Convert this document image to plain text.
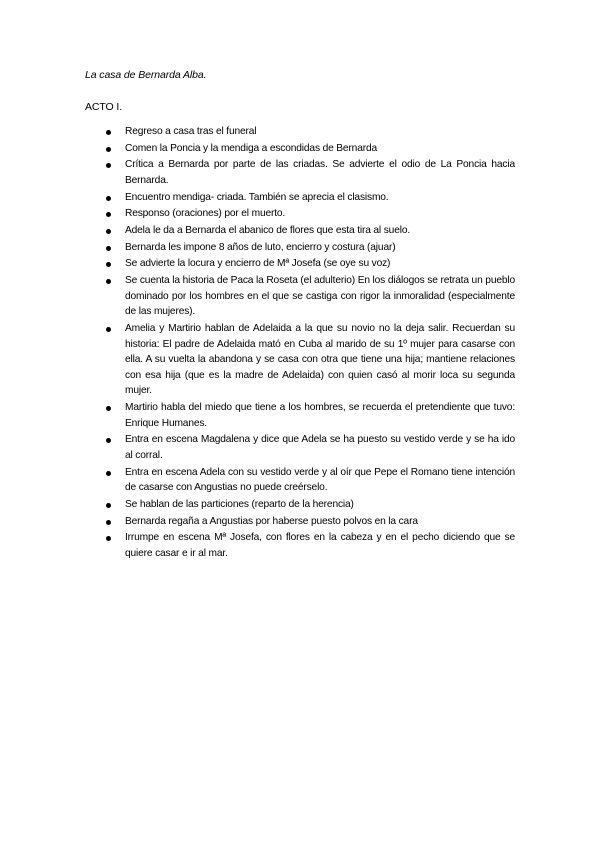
La casa de Bernarda Alba.

ACTO I.

Regreso a casa tras el funeral
Comen la Poncia y la mendiga a escondidas de Bernarda
Crítica a Bernarda por parte de las criadas. Se advierte el odio de La Poncia hacia Bernarda.
Encuentro mendiga- criada. También se aprecia el clasismo.
Responso (oraciones) por el muerto.
Adela le da a Bernarda el abanico de flores que esta tira al suelo.
Bernarda les impone 8 años de luto, encierro y costura (ajuar)
Se advierte la locura y encierro de Mª Josefa (se oye su voz)
Se cuenta la historia de Paca la Roseta (el adulterio) En los diálogos se retrata un pueblo dominado por los hombres en el que se castiga con rigor la inmoralidad (especialmente de las mujeres).
Amelia y Martirio hablan de Adelaida a la que su novio no la deja salir. Recuerdan su historia: El padre de Adelaida mató en Cuba al marido de su 1º mujer para casarse con ella. A su vuelta la abandona y se casa con otra que tiene una hija; mantiene relaciones con esa hija (que es la madre de Adelaida) con quien casó al morir loca su segunda mujer.
Martirio habla del miedo que tiene a los hombres, se recuerda el pretendiente que tuvo: Enrique Humanes.
Entra en escena Magdalena y dice que Adela se ha puesto su vestido verde y se ha ido al corral.
Entra en escena Adela con su vestido verde y al oír que Pepe el Romano tiene intención de casarse con Angustias no puede creérselo.
Se hablan de las particiones (reparto de la herencia)
Bernarda regaña a Angustias por haberse puesto polvos en la cara
Irrumpe en escena Mª Josefa, con flores en la cabeza y en el pecho diciendo que se quiere casar e ir al mar.
